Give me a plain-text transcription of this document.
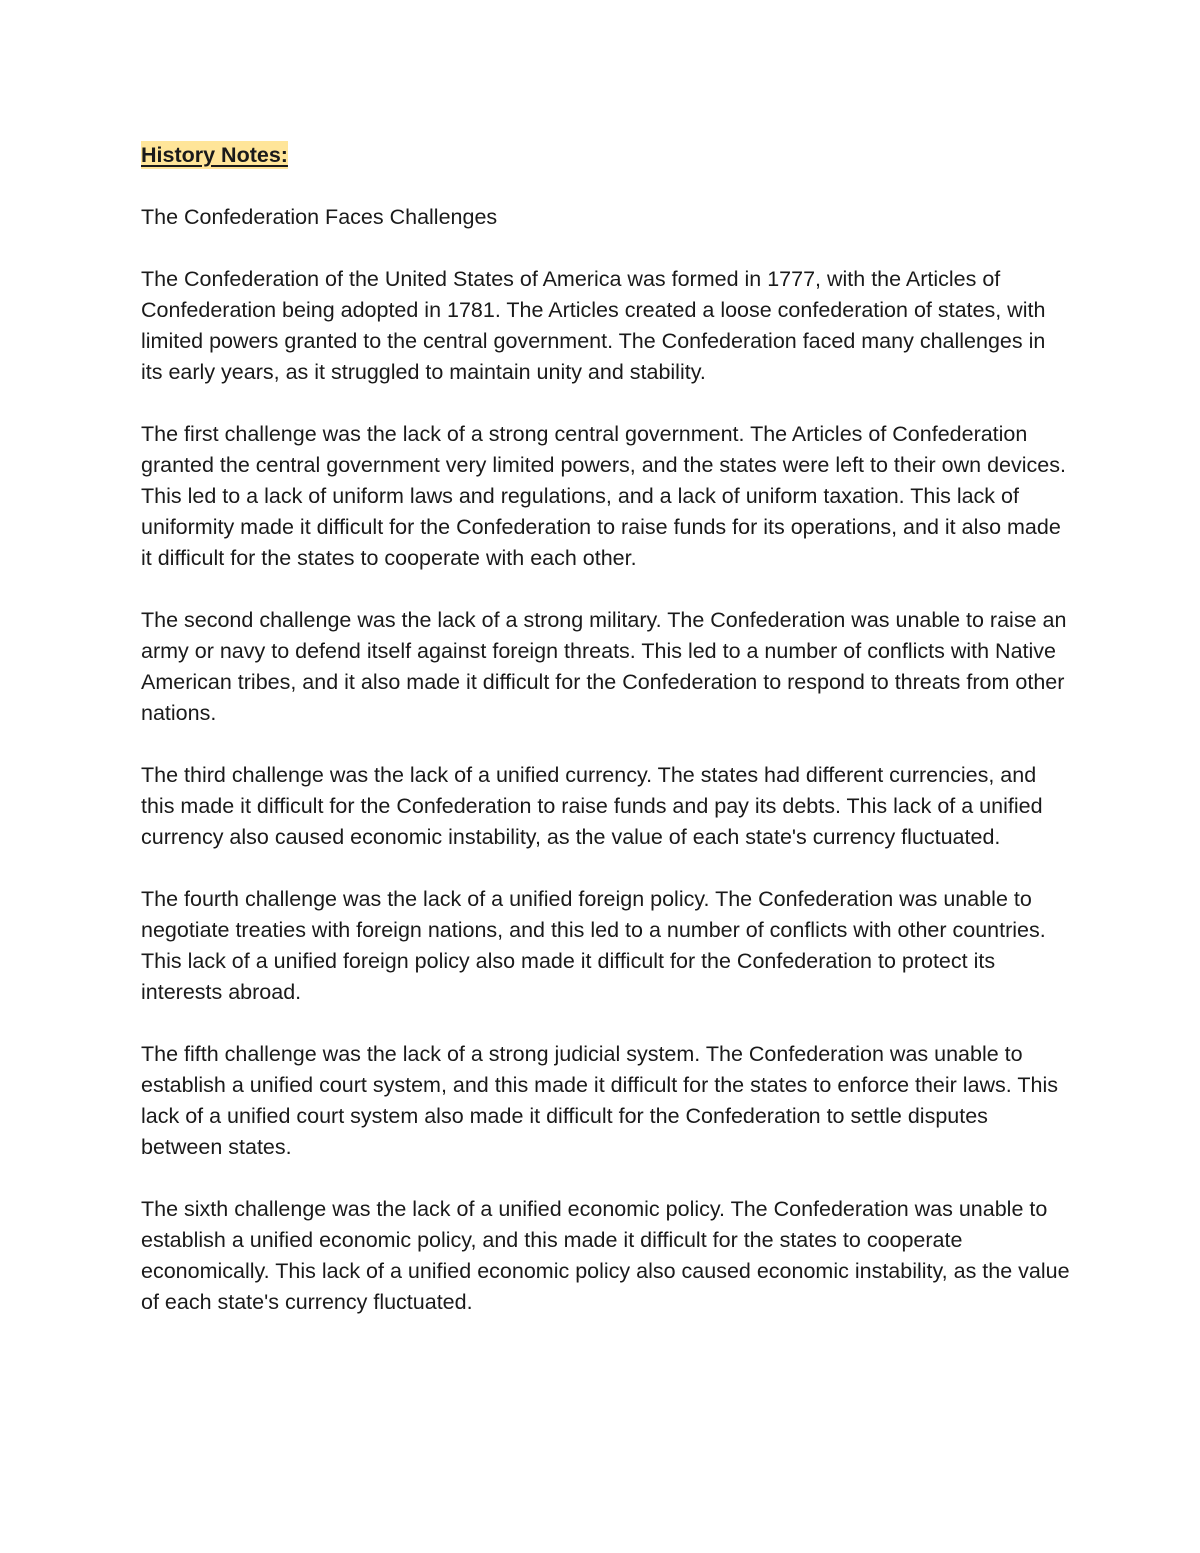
History Notes:

The Confederation Faces Challenges

The Confederation of the United States of America was formed in 1777, with the Articles of Confederation being adopted in 1781. The Articles created a loose confederation of states, with limited powers granted to the central government. The Confederation faced many challenges in its early years, as it struggled to maintain unity and stability.

The first challenge was the lack of a strong central government. The Articles of Confederation granted the central government very limited powers, and the states were left to their own devices. This led to a lack of uniform laws and regulations, and a lack of uniform taxation. This lack of uniformity made it difficult for the Confederation to raise funds for its operations, and it also made it difficult for the states to cooperate with each other.

The second challenge was the lack of a strong military. The Confederation was unable to raise an army or navy to defend itself against foreign threats. This led to a number of conflicts with Native American tribes, and it also made it difficult for the Confederation to respond to threats from other nations.

The third challenge was the lack of a unified currency. The states had different currencies, and this made it difficult for the Confederation to raise funds and pay its debts. This lack of a unified currency also caused economic instability, as the value of each state's currency fluctuated.

The fourth challenge was the lack of a unified foreign policy. The Confederation was unable to negotiate treaties with foreign nations, and this led to a number of conflicts with other countries. This lack of a unified foreign policy also made it difficult for the Confederation to protect its interests abroad.

The fifth challenge was the lack of a strong judicial system. The Confederation was unable to establish a unified court system, and this made it difficult for the states to enforce their laws. This lack of a unified court system also made it difficult for the Confederation to settle disputes between states.

The sixth challenge was the lack of a unified economic policy. The Confederation was unable to establish a unified economic policy, and this made it difficult for the states to cooperate economically. This lack of a unified economic policy also caused economic instability, as the value of each state's currency fluctuated.
